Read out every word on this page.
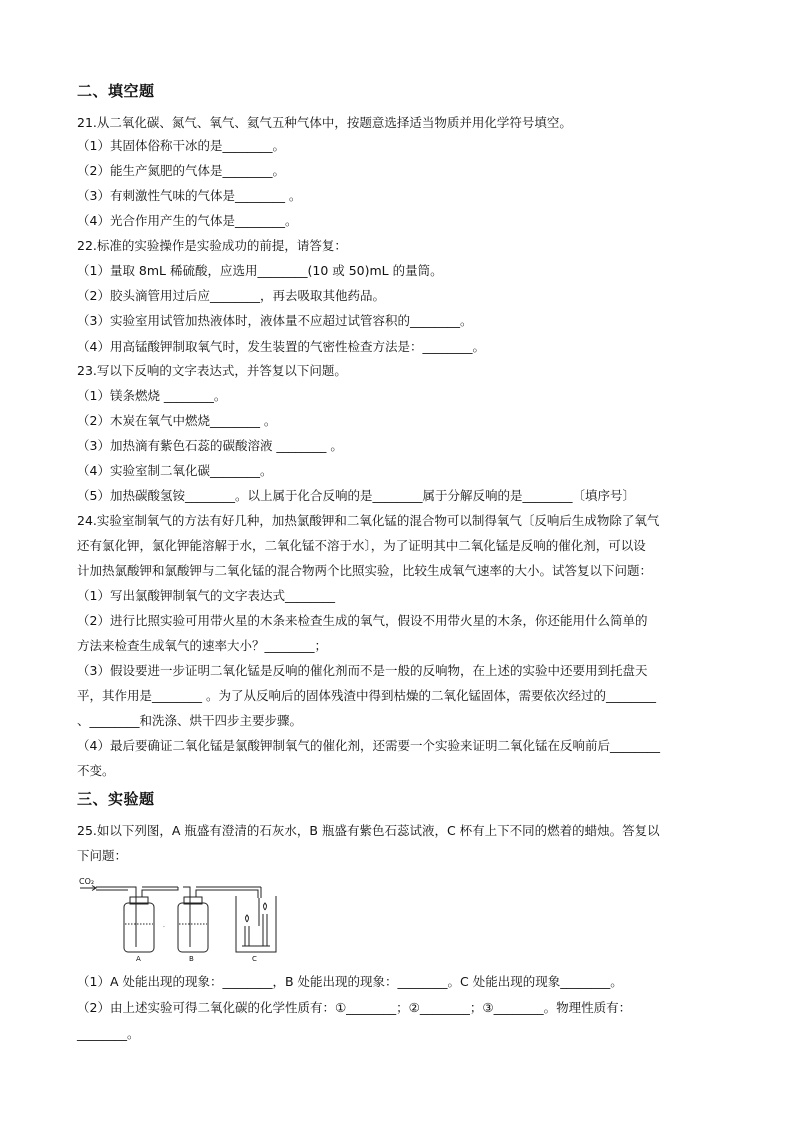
二、填空题
21.从二氧化碳、氮气、氧气、氦气五种气体中，按题意选择适当物质并用化学符号填空。
（1）其固体俗称干冰的是________。
（2）能生产氮肥的气体是________。
（3）有刺激性气味的气体是________ 。
（4）光合作用产生的气体是________。
22.标准的实验操作是实验成功的前提，请答复：
（1）量取 8mL 稀硫酸，应选用________(10 或 50)mL 的量筒。
（2）胶头滴管用过后应________，再去吸取其他药品。
（3）实验室用试管加热液体时，液体量不应超过试管容积的________。
（4）用高锰酸钾制取氧气时，发生装置的气密性检查方法是：________。
23.写以下反响的文字表达式，并答复以下问题。
（1）镁条燃烧 ________。
（2）木炭在氧气中燃烧________ 。
（3）加热滴有紫色石蕊的碳酸溶液 ________ 。
（4）实验室制二氧化碳________。
（5）加热碳酸氢铵________。以上属于化合反响的是________属于分解反响的是________〔填序号〕
24.实验室制氧气的方法有好几种，加热氯酸钾和二氧化锰的混合物可以制得氧气〔反响后生成物除了氧气
还有氯化钾，氯化钾能溶解于水，二氧化锰不溶于水〕，为了证明其中二氧化锰是反响的催化剂，可以设
计加热氯酸钾和氯酸钾与二氧化锰的混合物两个比照实验，比较生成氧气速率的大小。试答复以下问题：
（1）写出氯酸钾制氧气的文字表达式________
（2）进行比照实验可用带火星的木条来检查生成的氧气，假设不用带火星的木条，你还能用什么简单的
方法来检查生成氧气的速率大小？________；
（3）假设要进一步证明二氧化锰是反响的催化剂而不是一般的反响物，在上述的实验中还要用到托盘天
平，其作用是________ 。为了从反响后的固体残渣中得到枯燥的二氧化锰固体，需要依次经过的________
、________和洗涤、烘干四步主要步骤。
（4）最后要确证二氧化锰是氯酸钾制氧气的催化剂，还需要一个实验来证明二氧化锰在反响前后________
不变。
三、实验题
25.如以下列图，A 瓶盛有澄清的石灰水，B 瓶盛有紫色石蕊试液，C 杯有上下不同的燃着的蜡烛。答复以
下问题：
CO₂
A
·
B	C
（1）A 处能出现的现象：________，B 处能出现的现象：________。C 处能出现的现象________。
（2）由上述实验可得二氧化碳的化学性质有：①________；②________；③________。物理性质有：
________。
